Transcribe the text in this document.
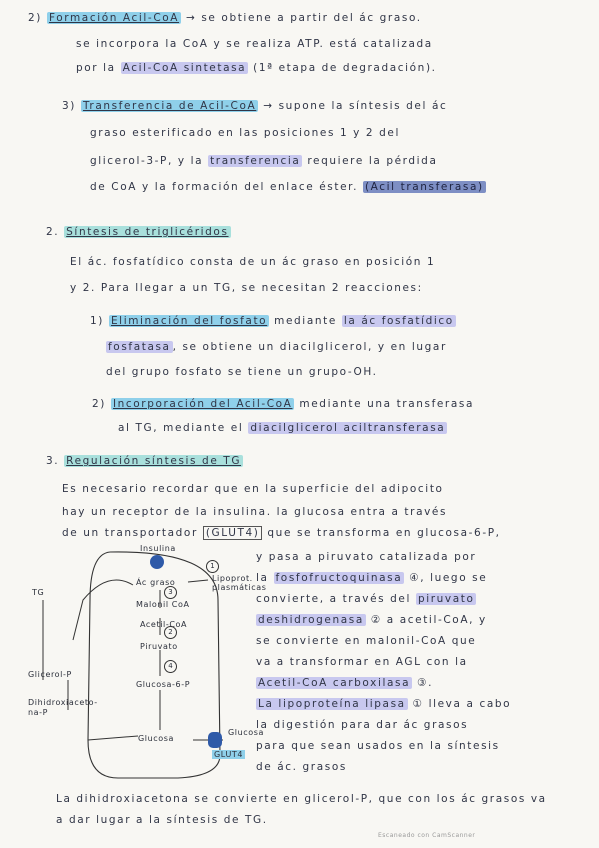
2) Formación Acil-CoA → se obtiene a partir del ác graso.
se incorpora la CoA y se realiza ATP. está catalizada
por la Acil-CoA sintetasa (1ª etapa de degradación).
3) Transferencia de Acil-CoA → supone la síntesis del ác
graso esterificado en las posiciones 1 y 2 del
glicerol-3-P, y la transferencia requiere la pérdida
de CoA y la formación del enlace éster. (Acil transferasa)
2. Síntesis de triglicéridos
El ác. fosfatídico consta de un ác graso en posición 1
y 2. Para llegar a un TG, se necesitan 2 reacciones:
1) Eliminación del fosfato mediante la ác fosfatídico
fosfatasa , se obtiene un diacilglicerol, y en lugar
del grupo fosfato se tiene un grupo-OH.
2) Incorporación del Acil-CoA mediante una transferasa
al TG, mediante el diacilglicerol aciltransferasa
3. Regulación síntesis de TG
Es necesario recordar que en la superficie del adipocito
hay un receptor de la insulina. la glucosa entra a través
de un transportador (GLUT4) que se transforma en glucosa-6-P,
y pasa a piruvato catalizada por
la fosfofructoquinasa ④, luego se
convierte, a través del piruvato
deshidrogenasa ② a acetil-CoA, y
se convierte en malonil-CoA que
va a transformar en AGL con la
Acetil-CoA carboxilasa ③.
La lipoproteína lipasa ① lleva a cabo
la digestión para dar ác grasos
para que sean usados en la síntesis
de ác. grasos
La dihidroxiacetona se convierte en glicerol-P, que con los ác grasos va
a dar lugar a la síntesis de TG.
Insulina
Ác graso
Malonil CoA
Acetil-CoA
Piruvato
Glucosa-6-P
Glucosa
TG
Glicerol-P
Dihidroxiaceto-na-P
Lipoprot. plasmáticas
Glucosa
GLUT4
1
2
3
4
Escaneado con CamScanner
